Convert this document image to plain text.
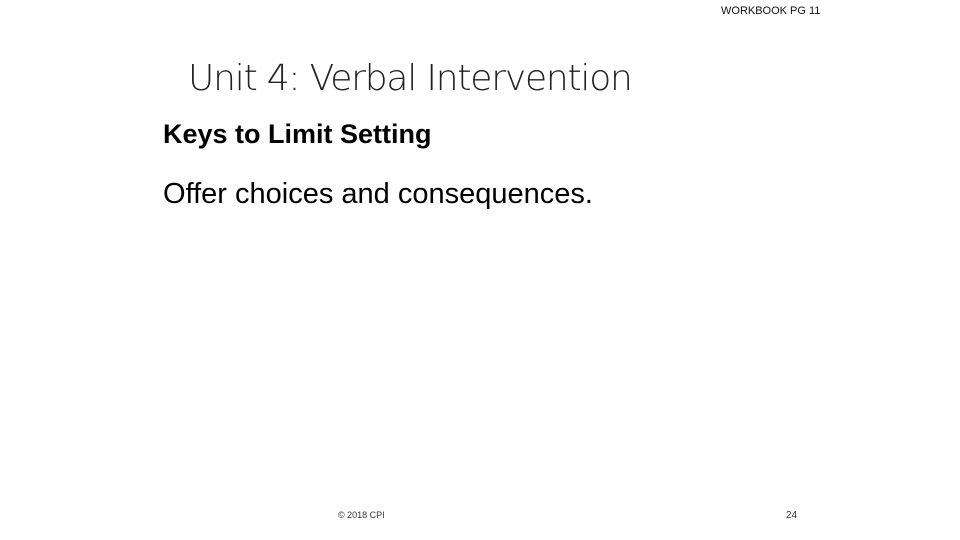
WORKBOOK PG 11
Unit 4: Verbal Intervention
Keys to Limit Setting
Offer choices and consequences.
© 2018 CPI	24
